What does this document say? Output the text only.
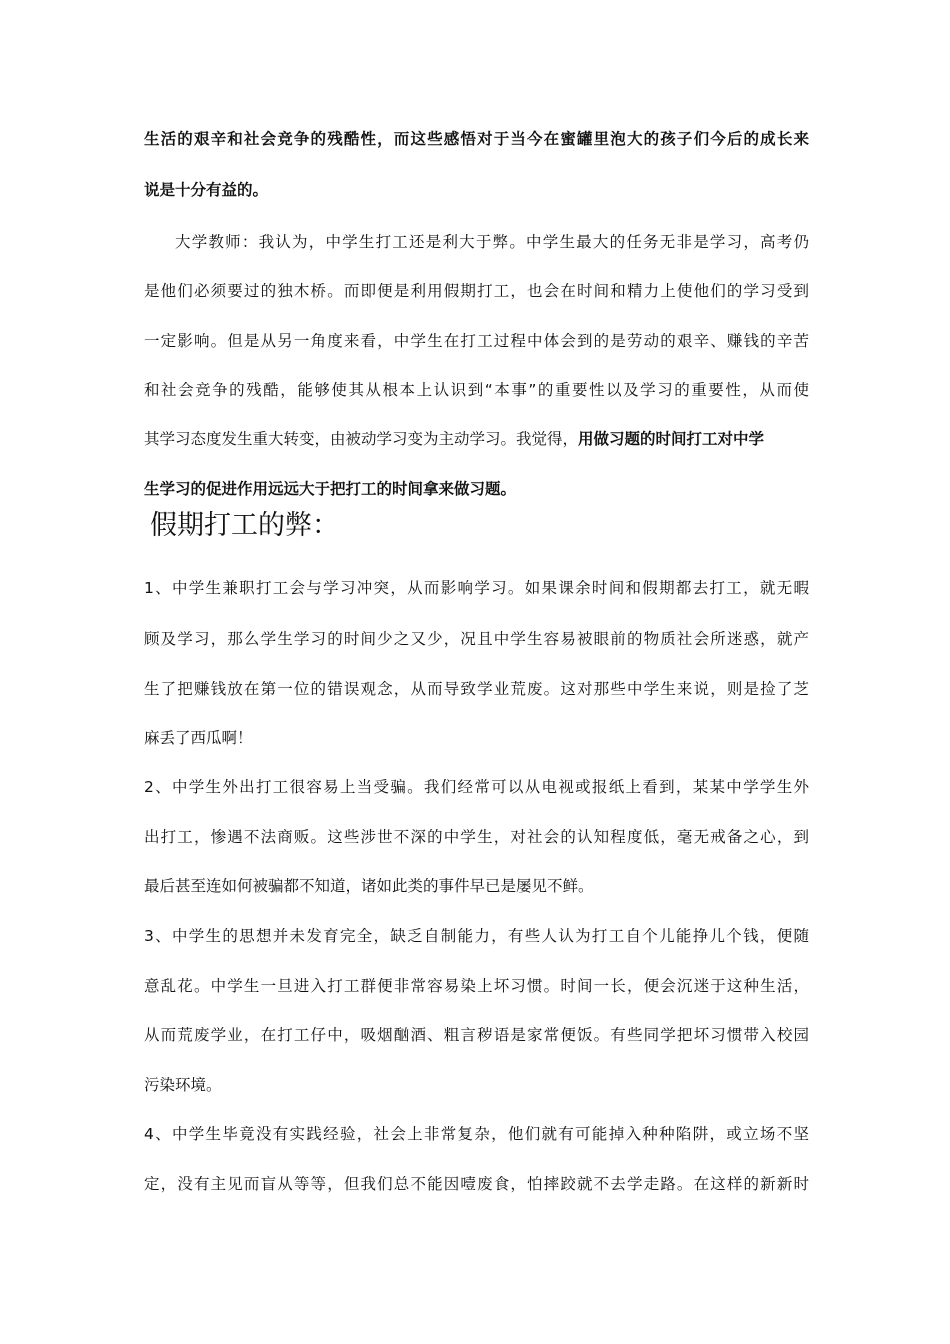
生活的艰辛和社会竞争的残酷性，而这些感悟对于当今在蜜罐里泡大的孩子们今后的成长来
说是十分有益的。
大学教师：我认为，中学生打工还是利大于弊。中学生最大的任务无非是学习，高考仍
是他们必须要过的独木桥。而即便是利用假期打工，也会在时间和精力上使他们的学习受到
一定影响。但是从另一角度来看，中学生在打工过程中体会到的是劳动的艰辛、赚钱的辛苦
和社会竞争的残酷，能够使其从根本上认识到“本事”的重要性以及学习的重要性，从而使
其学习态度发生重大转变，由被动学习变为主动学习。我觉得，用做习题的时间打工对中学
生学习的促进作用远远大于把打工的时间拿来做习题。
假期打工的弊：
1、中学生兼职打工会与学习冲突，从而影响学习。如果课余时间和假期都去打工，就无暇
顾及学习，那么学生学习的时间少之又少，况且中学生容易被眼前的物质社会所迷惑，就产
生了把赚钱放在第一位的错误观念，从而导致学业荒废。这对那些中学生来说，则是捡了芝
麻丢了西瓜啊！
2、中学生外出打工很容易上当受骗。我们经常可以从电视或报纸上看到，某某中学学生外
出打工，惨遇不法商贩。这些涉世不深的中学生，对社会的认知程度低，毫无戒备之心，到
最后甚至连如何被骗都不知道，诸如此类的事件早已是屡见不鲜。
3、中学生的思想并未发育完全，缺乏自制能力，有些人认为打工自个儿能挣儿个钱，便随
意乱花。中学生一旦进入打工群便非常容易染上坏习惯。时间一长，便会沉迷于这种生活，
从而荒废学业，在打工仔中，吸烟酗酒、粗言秽语是家常便饭。有些同学把坏习惯带入校园
污染环境。
4、中学生毕竟没有实践经验，社会上非常复杂，他们就有可能掉入种种陷阱，或立场不坚
定，没有主见而盲从等等，但我们总不能因噎废食，怕摔跤就不去学走路。在这样的新新时
